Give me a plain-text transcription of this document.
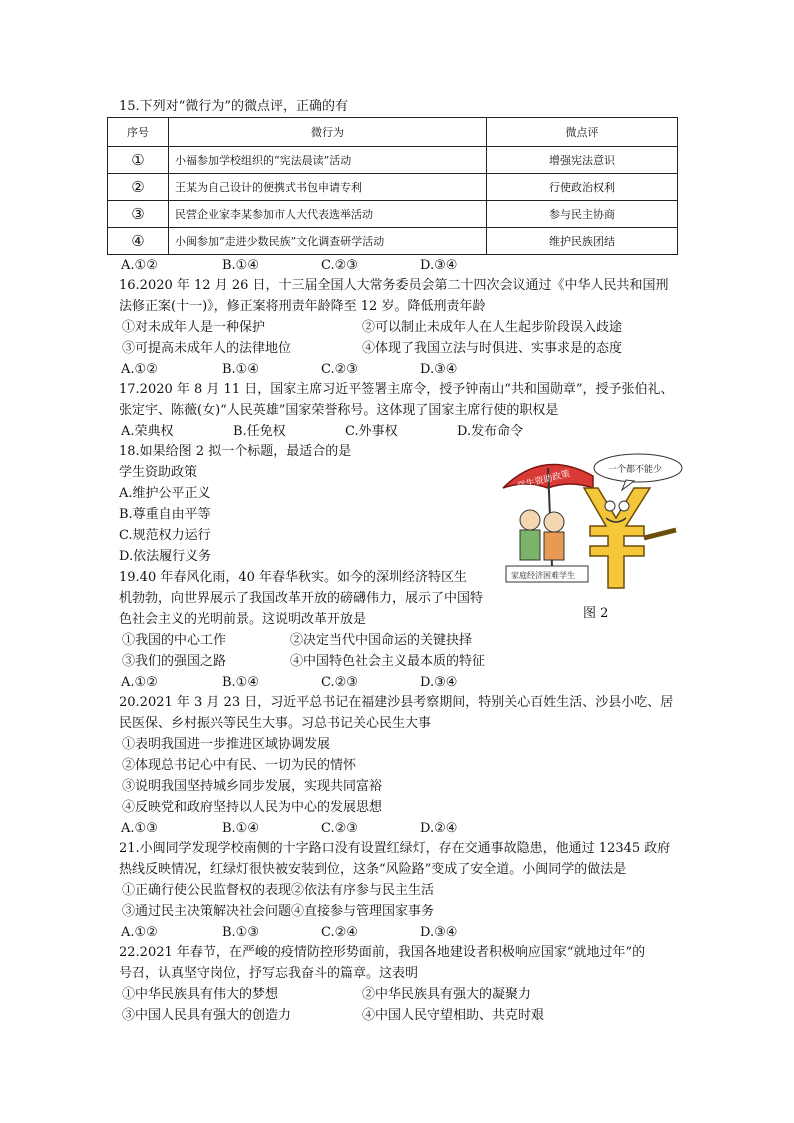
15.下列对“微行为”的微点评，正确的有
序号	微行为	微点评
①	小福参加学校组织的“宪法晨读”活动	增强宪法意识
②	王某为自己设计的便携式书包申请专利	行使政治权利
③	民营企业家李某参加市人大代表选举活动	参与民主协商
④	小闽参加“走进少数民族”文化调查研学活动	维护民族团结
A.①②	B.①④	C.②③	D.③④
16.2020 年 12 月 26 日，十三届全国人大常务委员会第二十四次会议通过《中华人民共和国刑
法修正案(十一)》，修正案将刑责年龄降至 12 岁。降低刑责年龄
①对未成年人是一种保护	②可以制止未成年人在人生起步阶段误入歧途
③可提高未成年人的法律地位	④体现了我国立法与时俱进、实事求是的态度
A.①②	B.①④	C.②③	D.③④
17.2020 年 8 月 11 日，国家主席习近平签署主席令，授予钟南山“共和国勋章”，授予张伯礼、
张定宇、陈薇(女)“人民英雄”国家荣誉称号。这体现了国家主席行使的职权是
A.荣典权	B.任免权	C.外事权	D.发布命令
18.如果给图 2 拟一个标题，最适合的是
学生资助政策
A.维护公平正义
B.尊重自由平等
C.规范权力运行
D.依法履行义务
学生资助政策
家庭经济困难学生
一个都不能少
图 2
19.40 年春风化雨，40 年春华秋实。如今的深圳经济特区生
机勃勃，向世界展示了我国改革开放的磅礴伟力，展示了中国特
色社会主义的光明前景。这说明改革开放是
①我国的中心工作	②决定当代中国命运的关键抉择
③我们的强国之路	④中国特色社会主义最本质的特征
A.①②	B.①④	C.②③	D.③④
20.2021 年 3 月 23 日，习近平总书记在福建沙县考察期间，特别关心百姓生活、沙县小吃、居
民医保、乡村振兴等民生大事。习总书记关心民生大事
①表明我国进一步推进区域协调发展
②体现总书记心中有民、一切为民的情怀
③说明我国坚持城乡同步发展，实现共同富裕
④反映党和政府坚持以人民为中心的发展思想
A.①③	B.①④	C.②③	D.②④
21.小闽同学发现学校南侧的十字路口没有设置红绿灯，存在交通事故隐患，他通过 12345 政府
热线反映情况，红绿灯很快被安装到位，这条“风险路”变成了安全道。小闽同学的做法是
①正确行使公民监督权的表现②依法有序参与民主生活
③通过民主决策解决社会问题④直接参与管理国家事务
A.①②	B.①③	C.②④	D.③④
22.2021 年春节，在严峻的疫情防控形势面前，我国各地建设者积极响应国家“就地过年”的
号召，认真坚守岗位，抒写忘我奋斗的篇章。这表明
①中华民族具有伟大的梦想	②中华民族具有强大的凝聚力
③中国人民具有强大的创造力	④中国人民守望相助、共克时艰
